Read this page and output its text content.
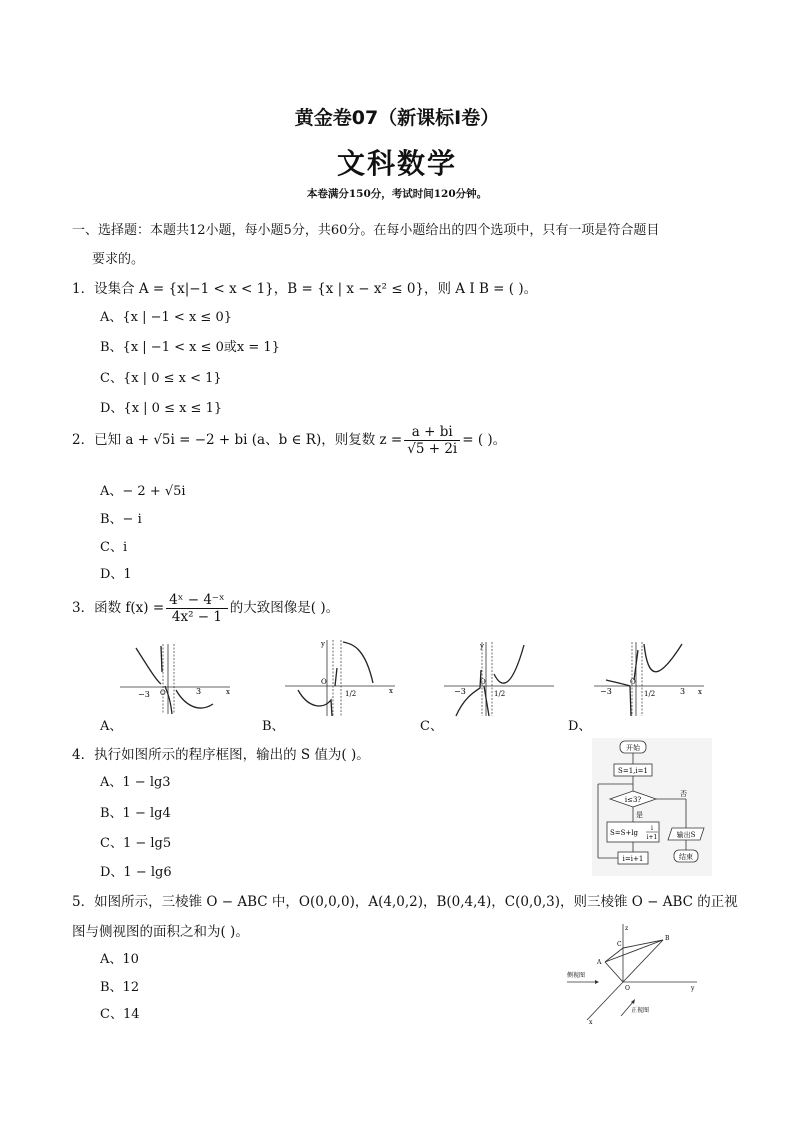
黄金卷07（新课标Ⅰ卷）
文科数学
本卷满分150分，考试时间120分钟。
一、选择题：本题共12小题，每小题5分，共60分。在每小题给出的四个选项中，只有一项是符合题目
要求的。
1．设集合 A = {x|−1 < x < 1}，B = {x | x − x² ≤ 0}，则 A I B = ( )。
A、{x | −1 < x ≤ 0}
B、{x | −1 < x ≤ 0或x = 1}
C、{x | 0 ≤ x < 1}
D、{x | 0 ≤ x ≤ 1}
2．已知 a + √5i = −2 + bi (a、b ∈ R)，则复数 $z = \frac{a + bi}{√5 + 2i}$ = ( )。
A、− 2 + √5i
B、− i
C、i
D、1
3．函数 $f(x) = \frac{\text{4ˣ − 4⁻ˣ}}{\text{4x² − 1}}$ 的大致图像是( )。
−3	3
O	x
A、
O
1/2
y
x
B、
−3
O
1/2
y
C、
−3
O
1/2	3 x
D、
4．执行如图所示的程序框图，输出的 S 值为( )。
A、1 − lg3
B、1 − lg4
C、1 − lg5
D、1 − lg6
开始
S=1,i=1
i≤3?
否
是
S=S+lg
i
i+1
i=i+1
输出S
结束
5．如图所示，三棱锥 O − ABC 中，O(0,0,0)，A(4,0,2)，B(0,4,4)，C(0,0,3)，则三棱锥 O − ABC 的正视
图与侧视图的面积之和为( )。
A、10
B、12
C、14
z
y
x
O
A
B
C
侧视图
正视图
